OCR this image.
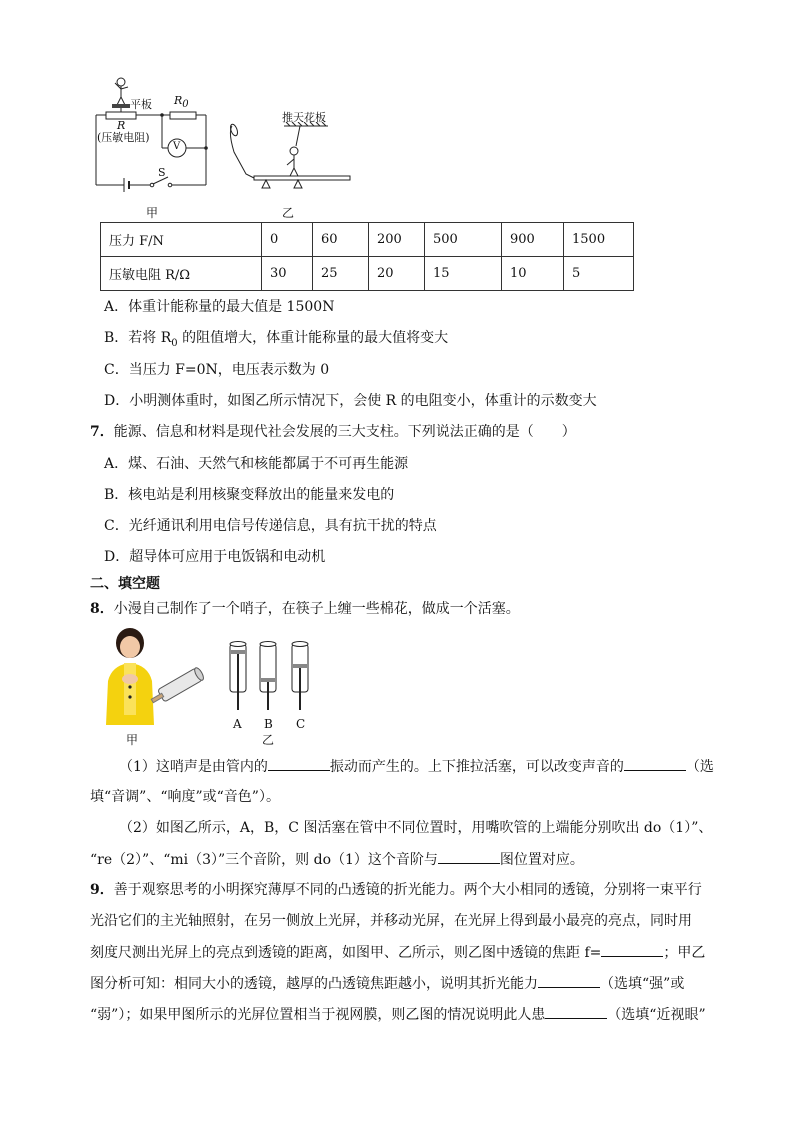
平板 $R_0$
R
(压敏电阻)
V
S
甲
推天花板
乙
压力 F/N	0	60	200	500	900	1500
压敏电阻 R/Ω	30	25	20	15	10	5
A．体重计能称量的最大值是 1500N
B．若将 $R_0$ 的阻值增大，体重计能称量的最大值将变大
C．当压力 F=0N，电压表示数为 0
D．小明测体重时，如图乙所示情况下，会使 R 的电阻变小，体重计的示数变大
7．能源、信息和材料是现代社会发展的三大支柱。下列说法正确的是（　　）
A．煤、石油、天然气和核能都属于不可再生能源
B．核电站是利用核聚变释放出的能量来发电的
C．光纤通讯利用电信号传递信息，具有抗干扰的特点
D．超导体可应用于电饭锅和电动机
二、填空题
8．小漫自己制作了一个哨子，在筷子上缠一些棉花，做成一个活塞。
甲
A B C
乙
（1）这哨声是由管内的	振动而产生的。上下推拉活塞，可以改变声音的	（选
填“音调”、“响度”或“音色”）。
（2）如图乙所示，A，B，C 图活塞在管中不同位置时，用嘴吹管的上端能分别吹出 do（1）”、
“re（2）”、“mi（3）”三个音阶，则 do（1）这个音阶与	图位置对应。
9．善于观察思考的小明探究薄厚不同的凸透镜的折光能力。两个大小相同的透镜，分别将一束平行
光沿它们的主光轴照射，在另一侧放上光屏，并移动光屏，在光屏上得到最小最亮的亮点，同时用
刻度尺测出光屏上的亮点到透镜的距离，如图甲、乙所示，则乙图中透镜的焦距 f=	；甲乙
图分析可知：相同大小的透镜，越厚的凸透镜焦距越小，说明其折光能力	（选填“强”或
“弱”）；如果甲图所示的光屏位置相当于视网膜，则乙图的情况说明此人患	（选填“近视眼”
